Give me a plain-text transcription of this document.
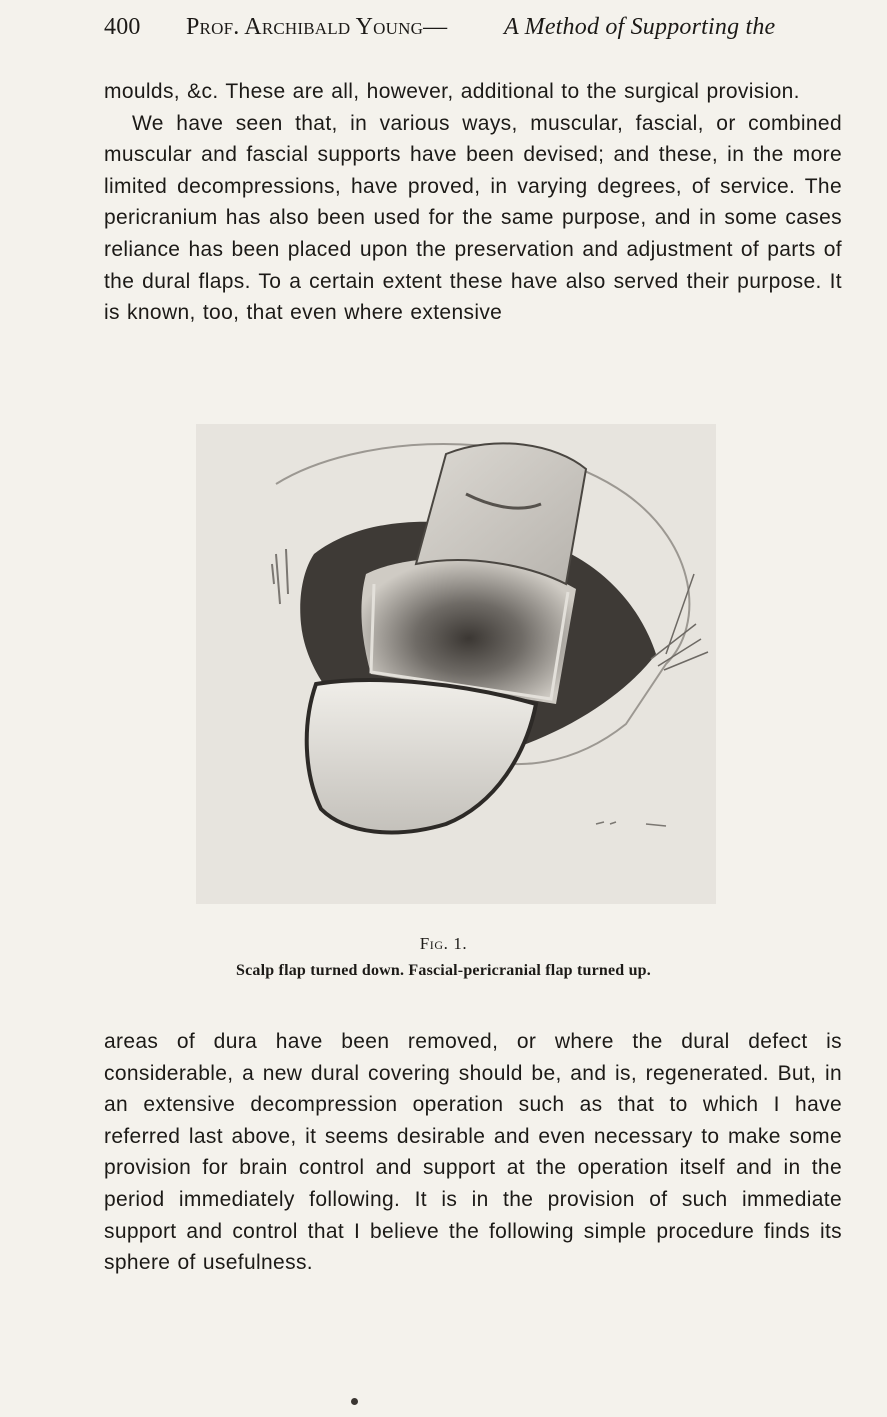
400 Prof. Archibald Young— A Method of Supporting the

moulds, &c. These are all, however, additional to the surgical provision.

We have seen that, in various ways, muscular, fascial, or combined muscular and fascial supports have been devised; and these, in the more limited decompressions, have proved, in varying degrees, of service. The pericranium has also been used for the same purpose, and in some cases reliance has been placed upon the preservation and adjustment of parts of the dural flaps. To a certain extent these have also served their purpose. It is known, too, that even where extensive

Fig. 1.
Scalp flap turned down. Fascial-pericranial flap turned up.

areas of dura have been removed, or where the dural defect is considerable, a new dural covering should be, and is, regenerated. But, in an extensive decompression operation such as that to which I have referred last above, it seems desirable and even necessary to make some provision for brain control and support at the operation itself and in the period immediately following. It is in the provision of such immediate support and control that I believe the following simple procedure finds its sphere of usefulness.
